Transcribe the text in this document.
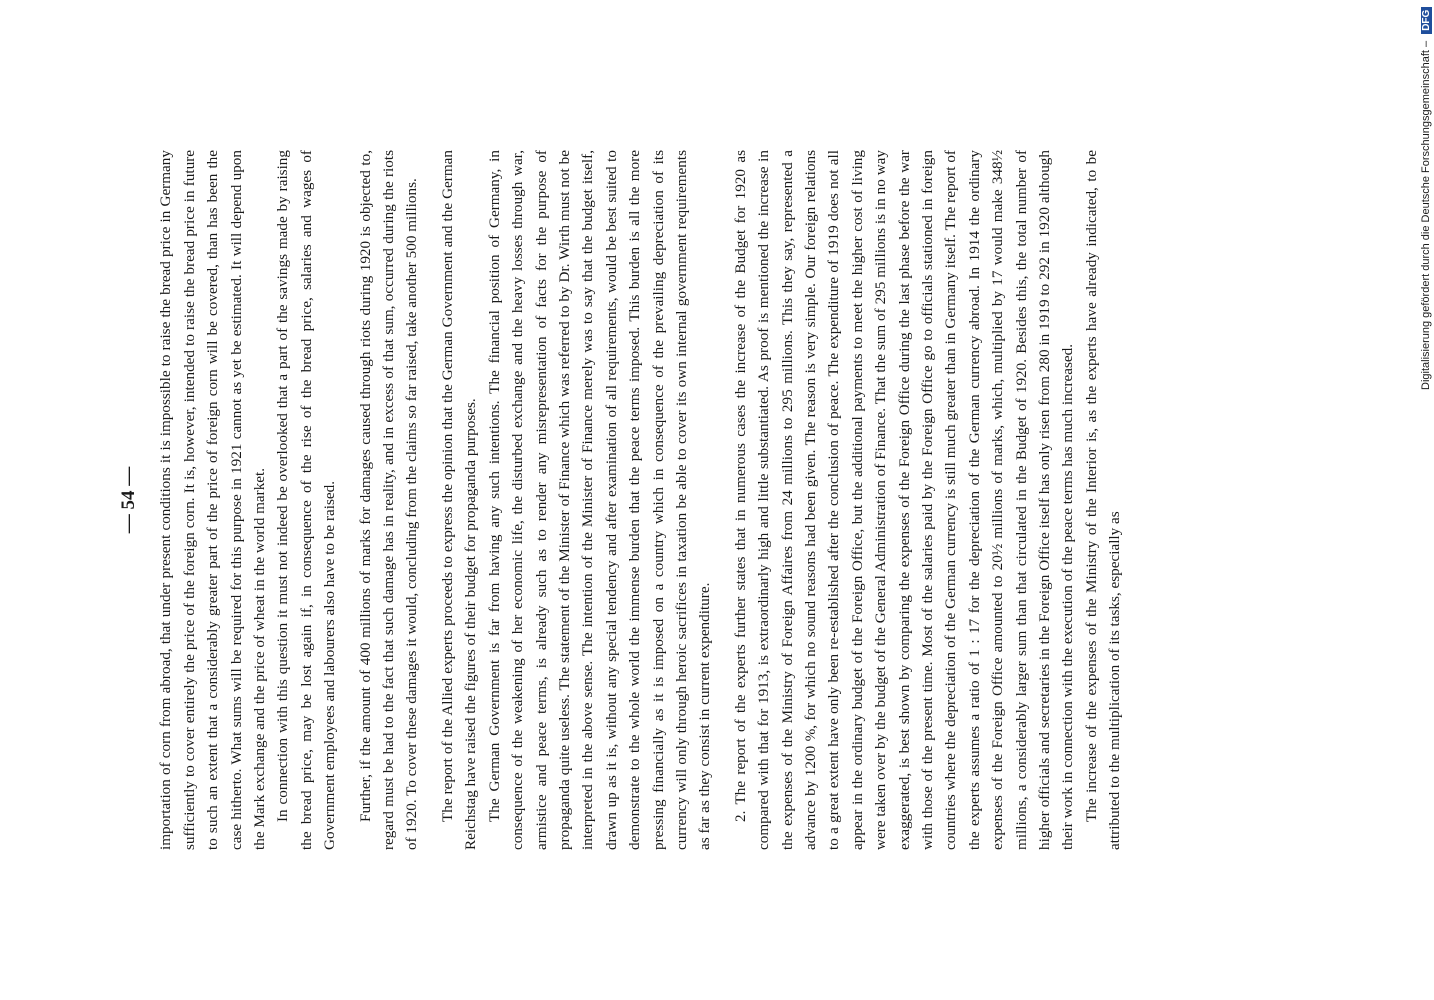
— 54 — importation of corn from abroad, that under present conditions it is impossible to raise the bread price in Germany sufficiently to cover entirely the price of the foreign corn. It is, however, intended to raise the bread price in future to such an extent that a considerably greater part of the price of foreign corn will be covered, than has been the case hitherto. What sums will be required for this purpose in 1921 cannot as yet be estimated. It will depend upon the Mark exchange and the price of wheat in the world market. In connection with this question it must not indeed be overlooked that a part of the savings made by raising the bread price, may be lost again if, in consequence of the rise of the bread price, salaries and wages of Government employees and labourers also have to be raised. Further, if the amount of 400 millions of marks for damages caused through riots during 1920 is objected to, regard must be had to the fact that such damage has in reality, and in excess of that sum, occurred during the riots of 1920. To cover these damages it would, concluding from the claims so far raised, take another 500 millions. The report of the Allied experts proceeds to express the opinion that the German Government and the German Reichstag have raised the figures of their budget for propaganda purposes. The German Government is far from having any such intentions. The financial position of Germany, in consequence of the weakening of her economic life, the disturbed exchange and the heavy losses through war, armistice and peace terms, is already such as to render any misrepresentation of facts for the purpose of propaganda quite useless. The statement of the Minister of Finance which was referred to by Dr. Wirth must not be interpreted in the above sense. The intention of the Minister of Finance merely was to say that the budget itself, drawn up as it is, without any special tendency and after examination of all requirements, would be best suited to demonstrate to the whole world the immense burden that the peace terms imposed. This burden is all the more pressing financially as it is imposed on a country which in consequence of the prevailing depreciation of its currency will only through heroic sacrifices in taxation be able to cover its own internal government requirements as far as they consist in current expenditure. 2. The report of the experts further states that in numerous cases the increase of the Budget for 1920 as compared with that for 1913, is extraordinarly high and little substantiated. As proof is mentioned the increase in the expenses of the Ministry of Foreign Affaires from 24 millions to 295 millions. This they say, represented a advance by 1200 %, for which no sound reasons had been given. The reason is very simple. Our foreign relations to a great extent have only been re-established after the conclusion of peace. The expenditure of 1919 does not all appear in the ordinary budget of the Foreign Office, but the additional payments to meet the higher cost of living were taken over by the budget of the General Administration of Finance. That the sum of 295 millions is in no way exaggerated, is best shown by comparing the expenses of the Foreign Office during the last phase before the war with those of the present time. Most of the salaries paid by the Foreign Office go to officials stationed in foreign countries where the depreciation of the German currency is still much greater than in Germany itself. The report of the experts assumes a ratio of 1 : 17 for the depreciation of the German currency abroad. In 1914 the ordinary expenses of the Foreign Office amounted to 20½ millions of marks, which, multiplied by 17 would make 348½ millions, a considerably larger sum than that circulated in the Budget of 1920. Besides this, the total number of higher officials and secretaries in the Foreign Office itself has only risen from 280 in 1919 to 292 in 1920 although their work in connection with the execution of the peace terms has much increased. The increase of the expenses of the Ministry of the Interior is, as the experts have already indicated, to be attributed to the multiplication of its tasks, especially as

Digitalisierung gefördert durch die Deutsche Forschungsgemeinschaft – DFG
